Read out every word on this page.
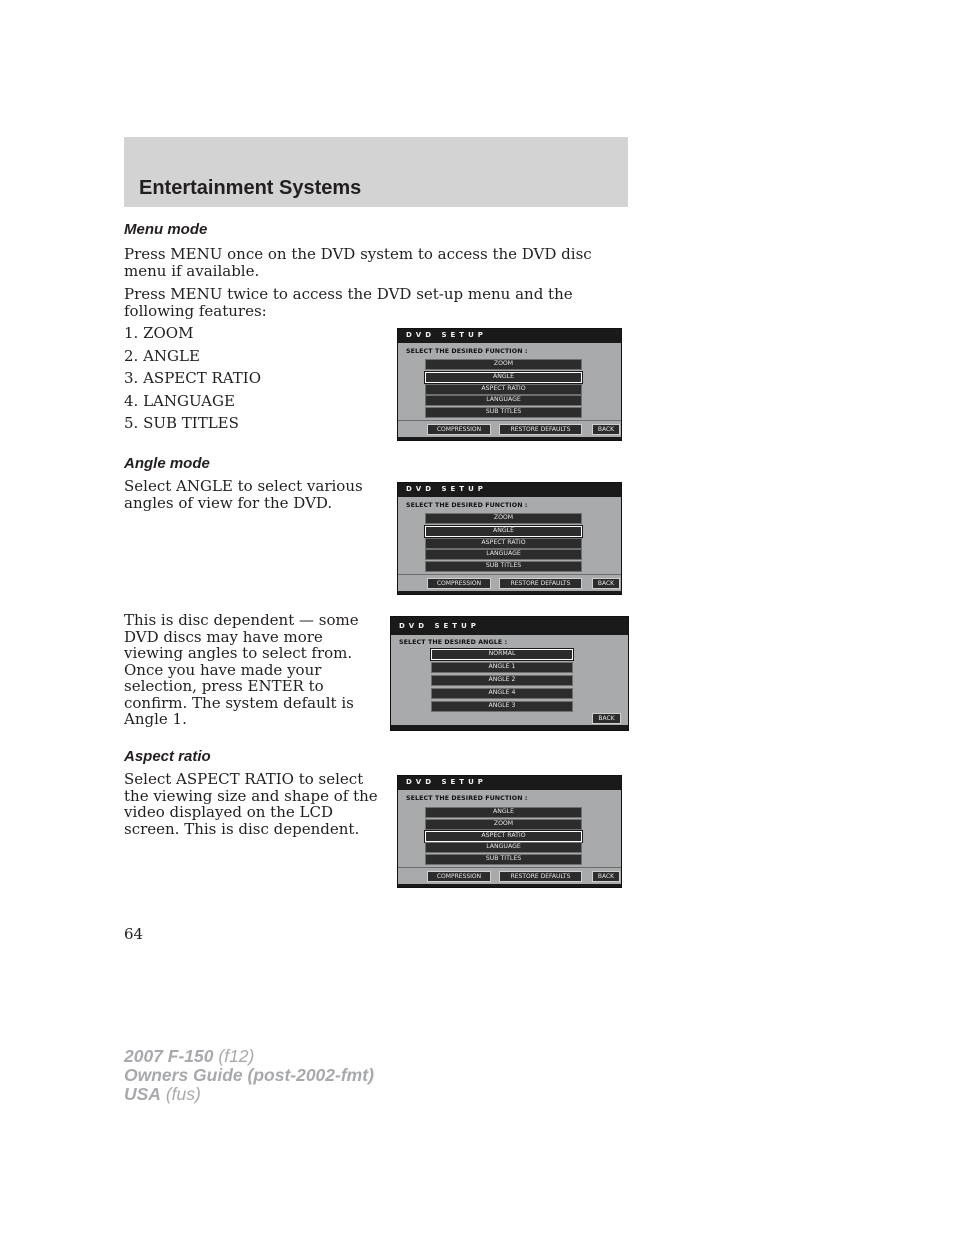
Entertainment Systems
Menu mode

Press MENU once on the DVD system to access the DVD disc menu if available.

Press MENU twice to access the DVD set-up menu and the following features:

1. ZOOM
2. ANGLE
3. ASPECT RATIO
4. LANGUAGE
5. SUB TITLES
DVD SETUP
SELECT THE DESIRED FUNCTION :
ZOOM
ANGLE
ASPECT RATIO
LANGUAGE
SUB TITLES
COMPRESSION	RESTORE DEFAULTS	BACK
Angle mode

Select ANGLE to select various angles of view for the DVD.

DVD SETUP
SELECT THE DESIRED FUNCTION :
ZOOM
ANGLE
ASPECT RATIO
LANGUAGE
SUB TITLES
COMPRESSION	RESTORE DEFAULTS	BACK

This is disc dependent — some DVD discs may have more viewing angles to select from. Once you have made your selection, press ENTER to confirm. The system default is Angle 1.

DVD SETUP
SELECT THE DESIRED ANGLE :
NORMAL
ANGLE 1
ANGLE 2
ANGLE 4
ANGLE 3
BACK
Aspect ratio

Select ASPECT RATIO to select the viewing size and shape of the video displayed on the LCD screen. This is disc dependent.

DVD SETUP
SELECT THE DESIRED FUNCTION :
ANGLE
ZOOM
ASPECT RATIO
LANGUAGE
SUB TITLES
COMPRESSION	RESTORE DEFAULTS	BACK
64
2007 F-150 (f12)
Owners Guide (post-2002-fmt)
USA (fus)
